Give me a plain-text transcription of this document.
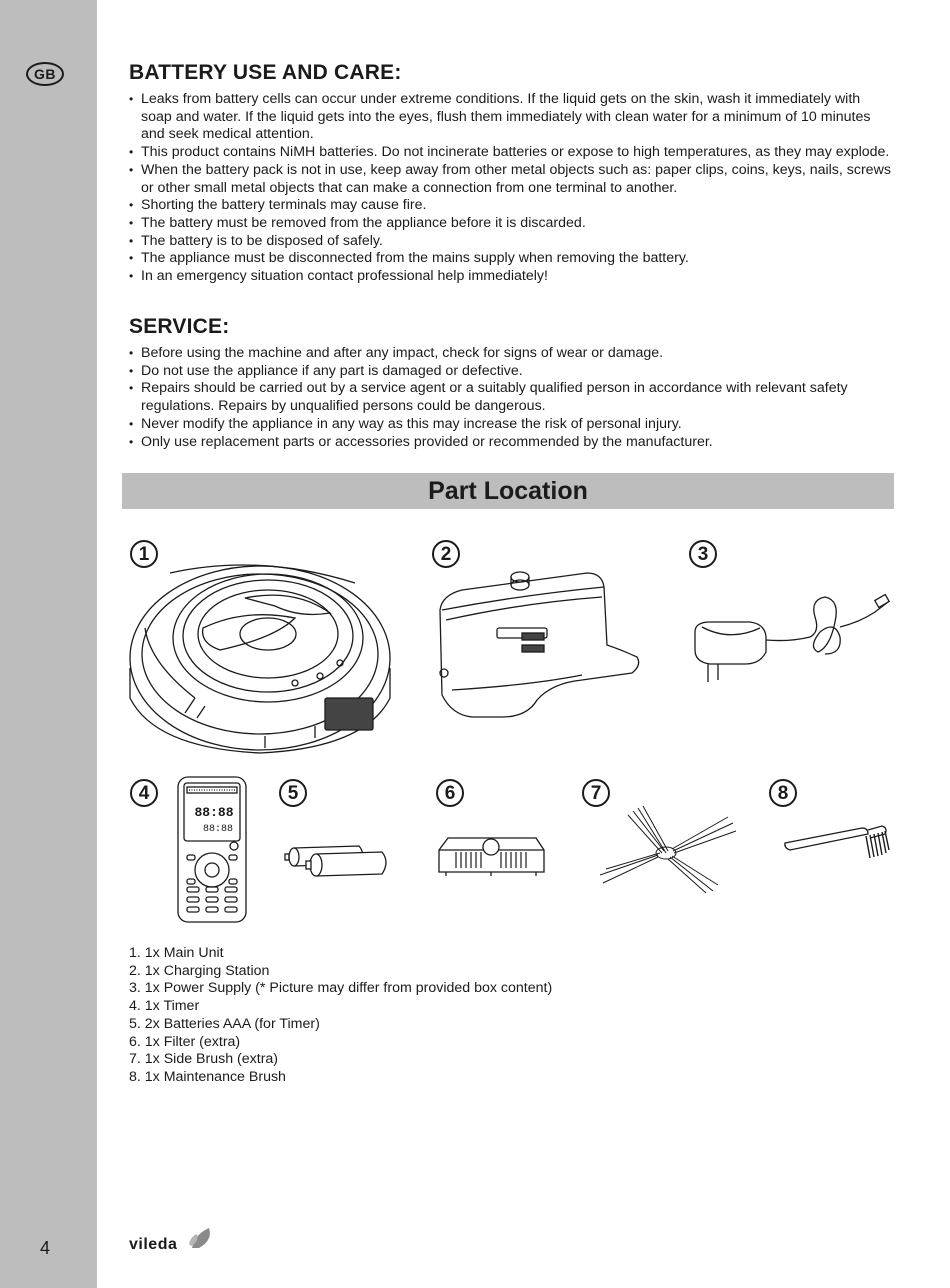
GB
4
BATTERY USE AND CARE:
• Leaks from battery cells can occur under extreme conditions. If the liquid gets on the skin, wash it immediately with soap and water. If the liquid gets into the eyes, flush them immediately with clean water for a minimum of 10 minutes and seek medical attention.
• This product contains NiMH batteries. Do not incinerate batteries or expose to high temperatures, as they may explode.
• When the battery pack is not in use, keep away from other metal objects such as: paper clips, coins, keys, nails, screws or other small metal objects that can make a connection from one terminal to another.
• Shorting the battery terminals may cause fire.
• The battery must be removed from the appliance before it is discarded.
• The battery is to be disposed of safely.
• The appliance must be disconnected from the mains supply when removing the battery.
• In an emergency situation contact professional help immediately!
SERVICE:
• Before using the machine and after any impact, check for signs of wear or damage.
• Do not use the appliance if any part is damaged or defective.
• Repairs should be carried out by a service agent or a suitably qualified person in accordance with relevant safety regulations. Repairs by unqualified persons could be dangerous.
• Never modify the appliance in any way as this may increase the risk of personal injury.
• Only use replacement parts or accessories provided or recommended by the manufacturer.
Part Location
1	2	3
4	5	6	7	8
88:88
88:88
1. 1x Main Unit
2. 1x Charging Station
3. 1x Power Supply (* Picture may differ from provided box content)
4. 1x Timer
5. 2x Batteries AAA (for Timer)
6. 1x Filter (extra)
7. 1x Side Brush (extra)
8. 1x Maintenance Brush
vileda
